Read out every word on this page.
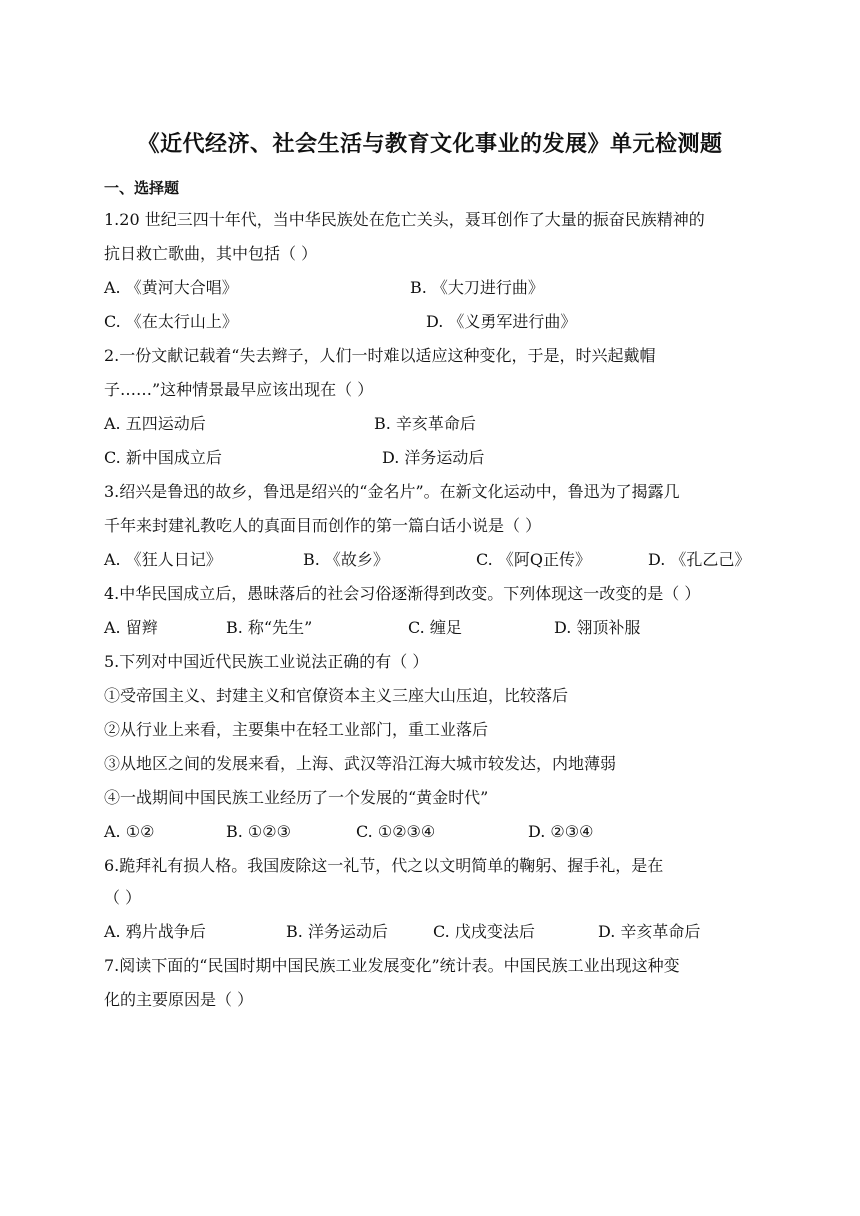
《近代经济、社会生活与教育文化事业的发展》单元检测题
一、选择题
1.20 世纪三四十年代，当中华民族处在危亡关头，聂耳创作了大量的振奋民族精神的
抗日救亡歌曲，其中包括（ ）
A. 《黄河大合唱》	B. 《大刀进行曲》
C. 《在太行山上》	D. 《义勇军进行曲》
2.一份文献记载着“失去辫子，人们一时难以适应这种变化，于是，时兴起戴帽
子……”这种情景最早应该出现在（ ）
A. 五四运动后	B. 辛亥革命后
C. 新中国成立后	D. 洋务运动后
3.绍兴是鲁迅的故乡，鲁迅是绍兴的“金名片”。在新文化运动中，鲁迅为了揭露几
千年来封建礼教吃人的真面目而创作的第一篇白话小说是（ ）
A. 《狂人日记》	B. 《故乡》	C. 《阿Q正传》	D. 《孔乙己》
4.中华民国成立后，愚昧落后的社会习俗逐渐得到改变。下列体现这一改变的是（ ）
A. 留辫	B. 称“先生”	C. 缠足	D. 翎顶补服
5.下列对中国近代民族工业说法正确的有（ ）
①受帝国主义、封建主义和官僚资本主义三座大山压迫，比较落后
②从行业上来看，主要集中在轻工业部门，重工业落后
③从地区之间的发展来看，上海、武汉等沿江海大城市较发达，内地薄弱
④一战期间中国民族工业经历了一个发展的“黄金时代”
A. ①②	B. ①②③	C. ①②③④	D. ②③④
6.跪拜礼有损人格。我国废除这一礼节，代之以文明简单的鞠躬、握手礼，是在
（ ）
A. 鸦片战争后	B. 洋务运动后	C. 戊戌变法后	D. 辛亥革命后
7.阅读下面的“民国时期中国民族工业发展变化”统计表。中国民族工业出现这种变
化的主要原因是（ ）
